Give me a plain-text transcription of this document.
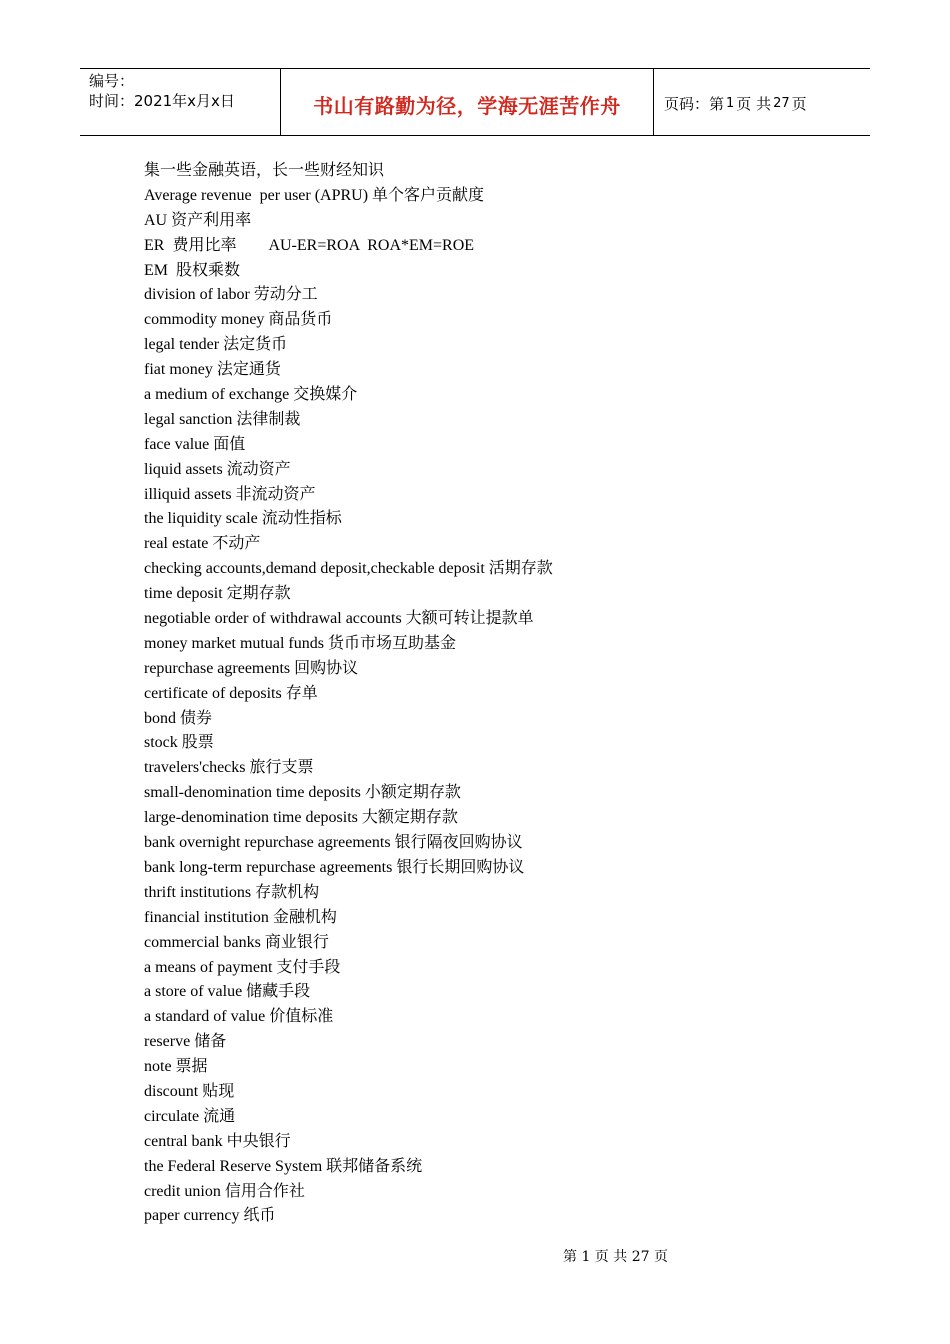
编号：
时间：2021年x月x日	书山有路勤为径，学海无涯苦作舟	页码：第 1 页 共 27 页
集一些金融英语，长一些财经知识
Average revenue  per user (APRU) 单个客户贡献度
AU 资产利用率
ER  费用比率        AU-ER=ROA  ROA*EM=ROE
EM  股权乘数
division of labor 劳动分工
commodity money 商品货币
legal tender 法定货币
fiat money 法定通货
a medium of exchange 交换媒介
legal sanction 法律制裁
face value 面值
liquid assets 流动资产
illiquid assets 非流动资产
the liquidity scale 流动性指标
real estate 不动产
checking accounts,demand deposit,checkable deposit 活期存款
time deposit 定期存款
negotiable order of withdrawal accounts 大额可转让提款单
money market mutual funds 货币市场互助基金
repurchase agreements 回购协议
certificate of deposits 存单
bond 债券
stock 股票
travelers'checks 旅行支票
small-denomination time deposits 小额定期存款
large-denomination time deposits 大额定期存款
bank overnight repurchase agreements 银行隔夜回购协议
bank long-term repurchase agreements 银行长期回购协议
thrift institutions 存款机构
financial institution 金融机构
commercial banks 商业银行
a means of payment 支付手段
a store of value 储藏手段
a standard of value 价值标准
reserve 储备
note 票据
discount 贴现
circulate 流通
central bank 中央银行
the Federal Reserve System 联邦储备系统
credit union 信用合作社
paper currency 纸币
第 1 页 共 27 页
